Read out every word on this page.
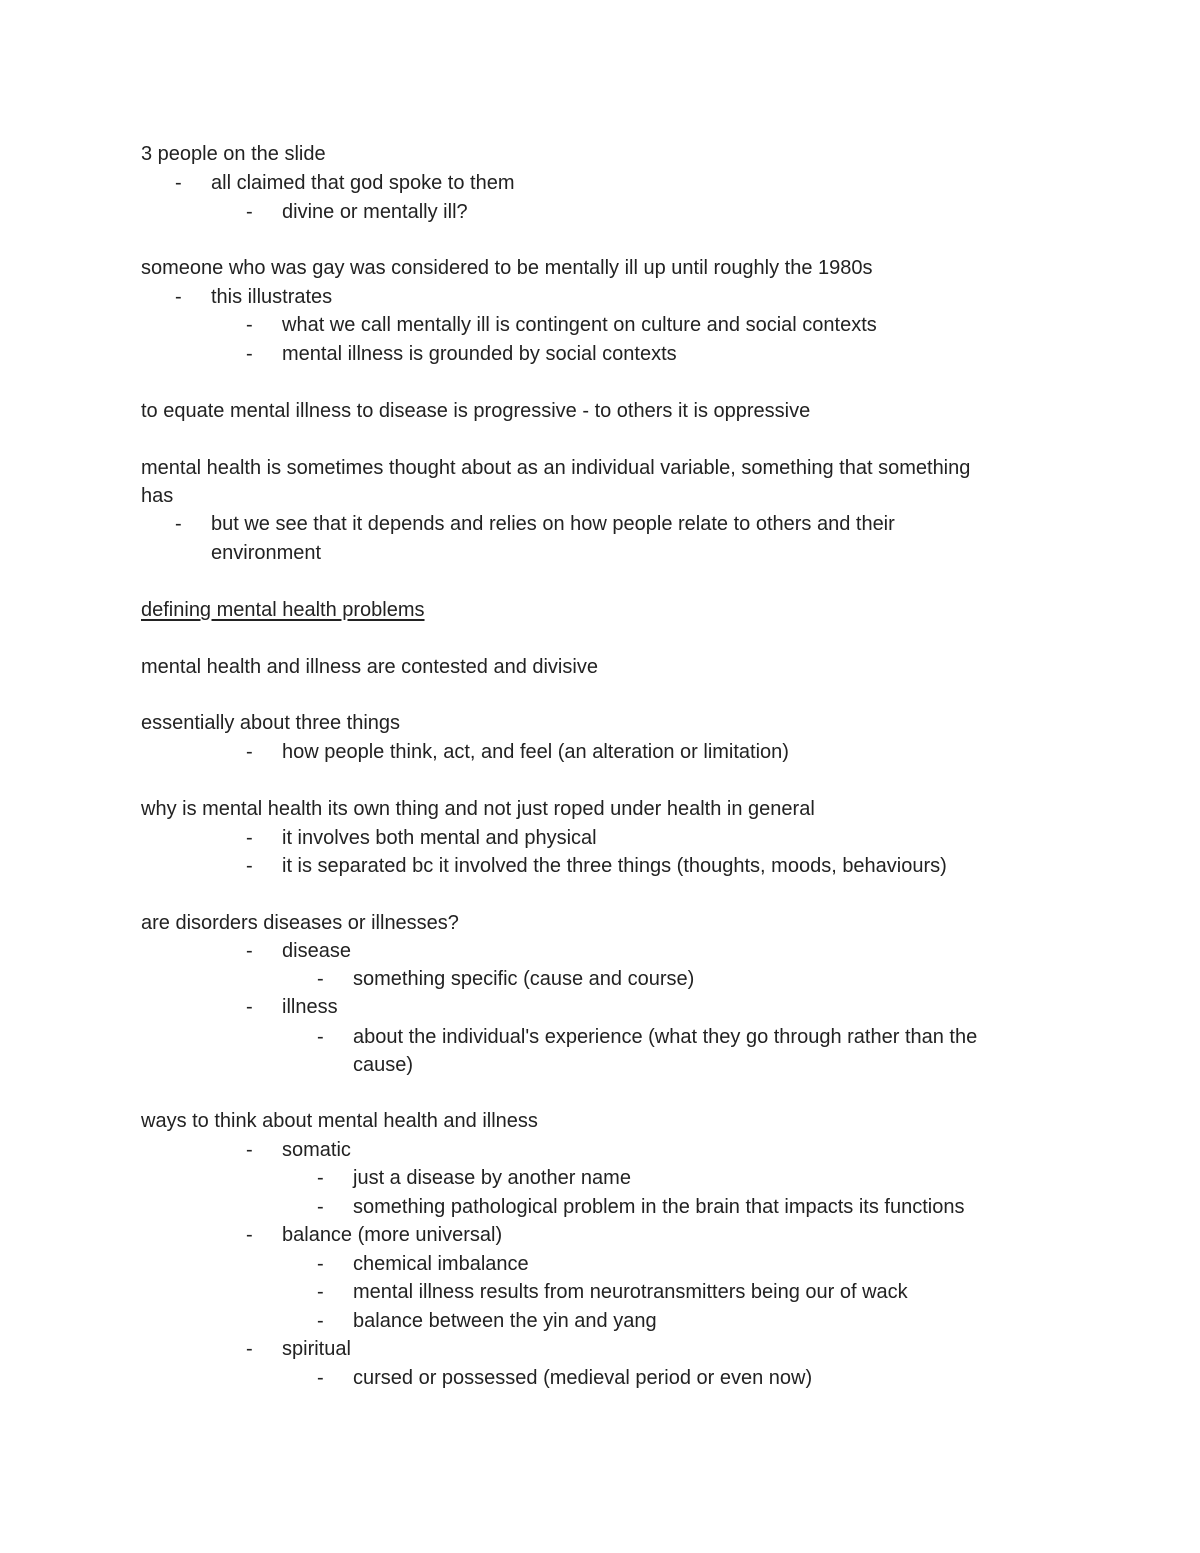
3 people on the slide
- all claimed that god spoke to them
- divine or mentally ill?
someone who was gay was considered to be mentally ill up until roughly the 1980s
- this illustrates
- what we call mentally ill is contingent on culture and social contexts
- mental illness is grounded by social contexts
to equate mental illness to disease is progressive - to others it is oppressive
mental health is sometimes thought about as an individual variable, something that something
has
- but we see that it depends and relies on how people relate to others and their
environment
defining mental health problems
mental health and illness are contested and divisive
essentially about three things
- how people think, act, and feel (an alteration or limitation)
why is mental health its own thing and not just roped under health in general
- it involves both mental and physical
- it is separated bc it involved the three things (thoughts, moods, behaviours)
are disorders diseases or illnesses?
- disease
- something specific (cause and course)
- illness
- about the individual's experience (what they go through rather than the
cause)
ways to think about mental health and illness
- somatic
- just a disease by another name
- something pathological problem in the brain that impacts its functions
- balance (more universal)
- chemical imbalance
- mental illness results from neurotransmitters being our of wack
- balance between the yin and yang
- spiritual
- cursed or possessed (medieval period or even now)
